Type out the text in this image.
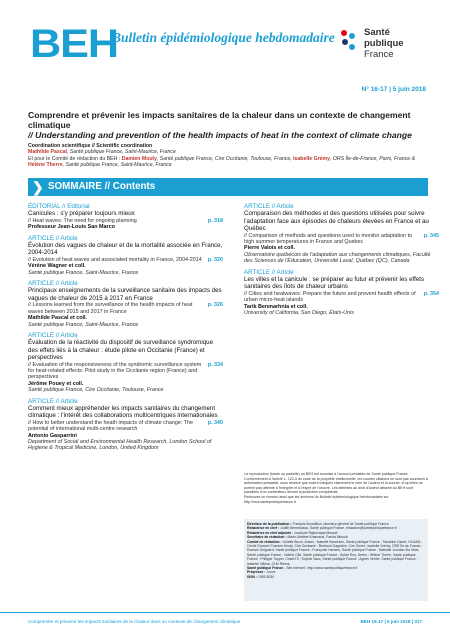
BEH
Bulletin épidémiologique hebdomadaire	Santé
publique
France
N° 16-17 | 5 juin 2018
Comprendre et prévenir les impacts sanitaires de la chaleur dans un contexte de changement climatique
// Understanding and prevention of the health impacts of heat in the context of climate change
Coordination scientifique // Scientific coordination
Mathilde Pascal, Santé publique France, Saint-Maurice, France
Et pour le Comité de rédaction du BEH : Damien Mouly, Santé publique France, Cire Occitanie, Toulouse, France, Isabelle Grémy, ORS Île-de-France, Paris, France & Hélène Therre, Santé publique France, Saint-Maurice, France
❯ SOMMAIRE // Contents
ÉDITORIAL // Editorial
Canicules : s'y préparer toujours mieux
p. 318
// Heat waves: The need for ongoing planning
Professeur Jean-Louis San Marco
ARTICLE // Article
Évolution des vagues de chaleur et de la mortalité associée en France, 2004-2014
p. 320
// Evolution of heat waves and associated mortality in France, 2004-2014
Vérène Wagner et coll.
Santé publique France, Saint-Maurice, France
ARTICLE // Article
Principaux enseignements de la surveillance sanitaire des impacts des vagues de chaleur de 2015 à 2017 en France
p. 326
// Lessons learned from the surveillance of the health impacts of heat waves between 2015 and 2017 in France
Mathilde Pascal et coll.
Santé publique France, Saint-Maurice, France
ARTICLE // Article
Évaluation de la réactivité du dispositif de surveillance syndromique des effets liés à la chaleur : étude pilote en Occitanie (France) et perspectives
p. 334
// Evaluation of the responsiveness of the syndromic surveillance system for heat-related effects: Pilot study in the Occitanie region (France) and perspectives
Jérôme Pouey et coll.
Santé publique France, Cire Occitanie, Toulouse, France
ARTICLE // Article
Comment mieux appréhender les impacts sanitaires du changement climatique : l'intérêt des collaborations multicentriques internationales
p. 340
// How to better understand the heath impacts of climate change: The potential of international multi-centre research
Antonio Gasparrini
Department of Social and Environmental Health Research, London School of Hygiene & Tropical Medicine, London, United Kingdom
ARTICLE // Article
Comparaison des méthodes et des questions utilisées pour suivre l'adaptation face aux épisodes de chaleurs élevées en France et au Québec
p. 345
// Comparison of methods and questions used to monitor adaptation to high summer temperatures in France and Quebec
Pierre Valois et coll.
Observatoire québécois de l'adaptation aux changements climatiques, Faculté des Sciences de l'Éducation, Université Laval, Québec (QC), Canada
ARTICLE // Article
Les villes et la canicule : se préparer au futur et prévenir les effets sanitaires des îlots de chaleur urbains
p. 354
// Cities and heatwaves: Prepare the future and prevent health effects of urban micro-heat islands
Tarik Benmarhnia et coll.
University of California, San Diego, États-Unis
La reproduction (totale ou partielle) du BEH est soumise à l'accord préalable de Santé publique France. Conformément à l'article L. 122-5 du code de la propriété intellectuelle, les courtes citations ne sont pas soumises à autorisation préalable, sous réserve que soient indiqués clairement le nom de l'auteur et la source, et qu'elles ne portent pas atteinte à l'intégrité et à l'esprit de l'oeuvre. Les atteintes au droit d'auteur attaché au BEH sont passibles d'un contentieux devant la juridiction compétente.
Retrouvez ce numéro ainsi que les archives du Bulletin épidémiologique hebdomadaire sur http://invs.santepubliquefrance.fr
Directeur de la publication : François Bourdillon, directeur général de Santé publique France
Rédactrice en chef : Judith Benrekassa, Santé publique France, redaction@santepubliquefrance.fr
Rédactrice en chef adjointe : Jocelyne Rajnchapel-Messaï
Secrétaire de rédaction : Marie-Martine Khamassi, Farida Mihoub
Comité de rédaction : Juliette Bloch, Anses ; Isabelle Bonmarin, Santé publique France ; Sandrine Danet, HCAAM ; Cécile Durand / Damien Mouly, Cire Occitanie ; Bertrand Gagnière, Cire Ouest ; Isabelle Grémy, ORS Île-de-France ; Romain Guignard, Santé publique France ; Françoise Hamers, Santé publique France ; Nathalie Jourdan-Da Silva, Santé publique France ; Valérie Olié, Santé publique France ; Sylvie Rey, Drees ; Hélène Therre, Santé publique France ; Philippe Tuppin, CnamTS ; Sophie Vaux, Santé publique France ; Agnès Verrier, Santé publique France ; Isabelle Villena, CHU Reims.
Santé publique France - Site Internet : http://www.santepubliquefrance.fr
Prépresse : Jouve
ISSN : 1953-8030
Comprendre et prévenir les impacts sanitaires de la chaleur dans un contexte de changement climatique	BEH 16-17 | 5 juin 2018 | 317
